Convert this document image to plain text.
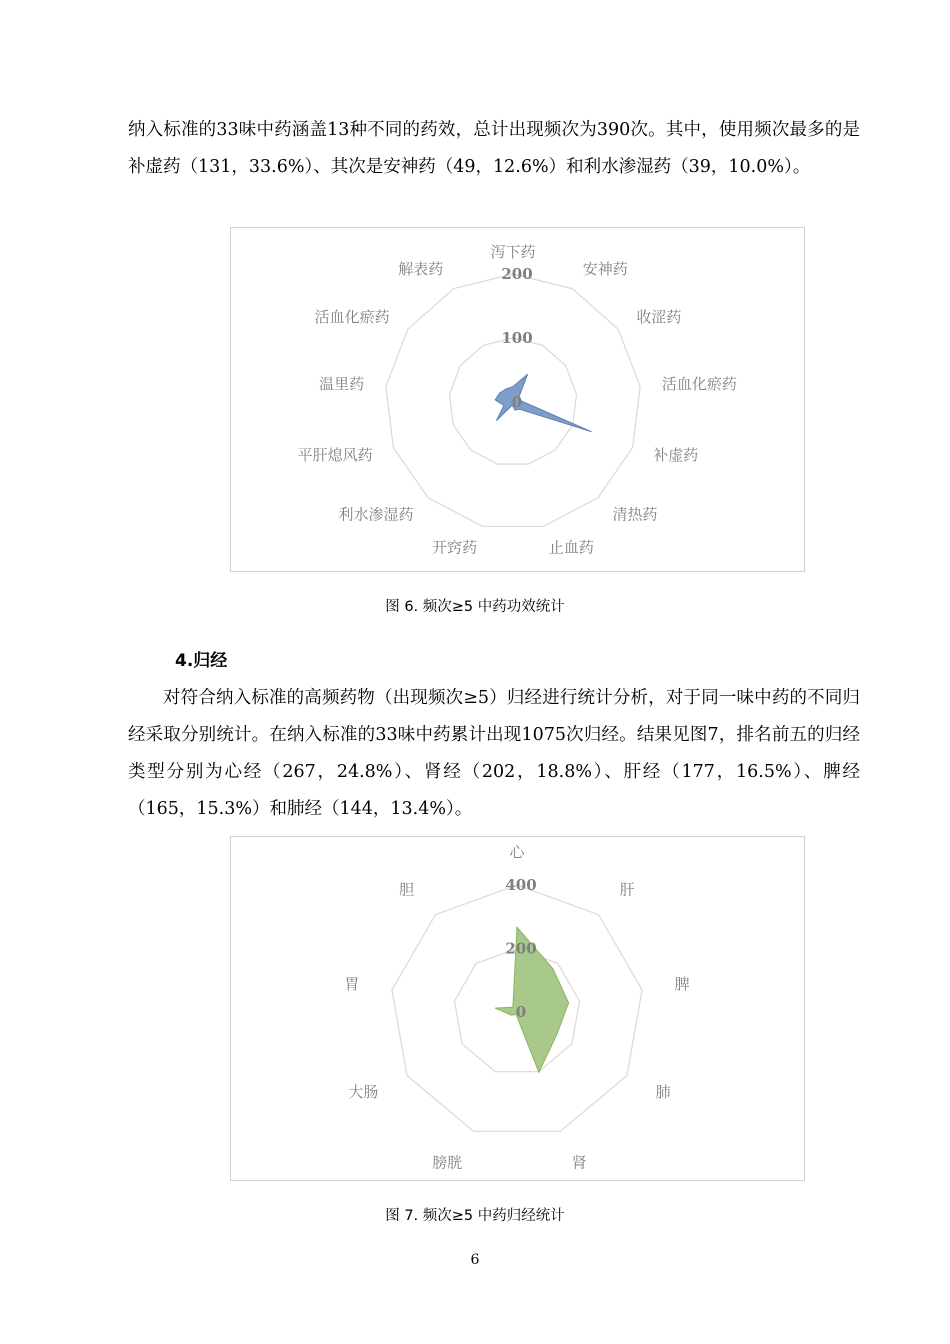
纳入标准的33味中药涵盖13种不同的药效，总计出现频次为390次。其中，使用频次最多的是补虚药（131，33.6%）、其次是安神药（49，12.6%）和利水渗湿药（39，10.0%）。

0
100
200
泻下药
安神药
收涩药
活血化瘀药
补虚药
清热药
止血药
开窍药
利水渗湿药
平肝熄风药
温里药
活血化瘀药
解表药
图 6. 频次≥5 中药功效统计
4.归经

对符合纳入标准的高频药物（出现频次≥5）归经进行统计分析，对于同一味中药的不同归经采取分别统计。在纳入标准的33味中药累计出现1075次归经。结果见图7，排名前五的归经类型分别为心经（267，24.8%）、肾经（202，18.8%）、肝经（177，16.5%）、脾经（165，15.3%）和肺经（144，13.4%）。

0
200
400
心
肝
脾
肺
肾
膀胱
大肠
胃
胆
图 7. 频次≥5 中药归经统计
6
